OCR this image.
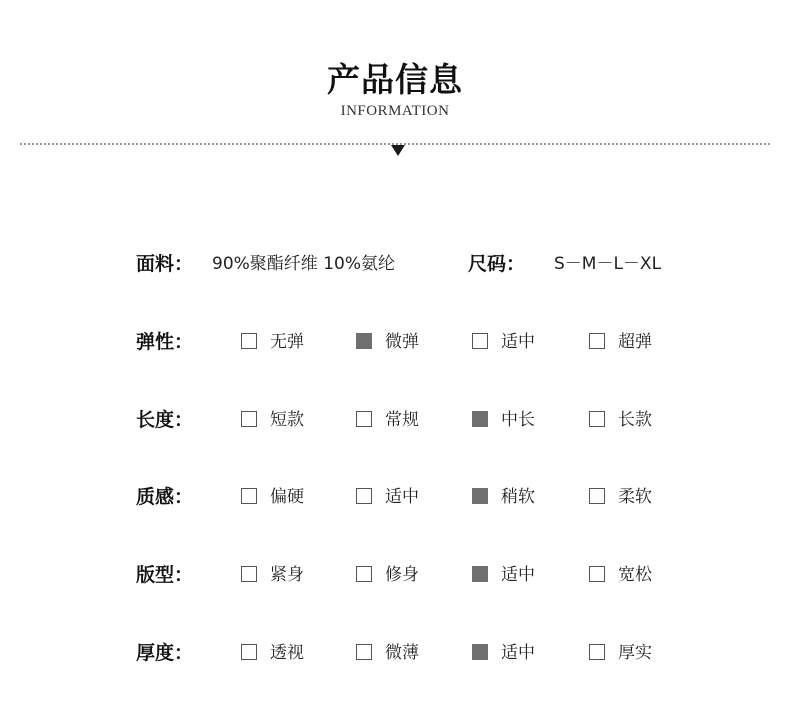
产品信息
INFORMATION
面料： 90%聚酯纤维 10%氨纶	尺码： S－M－L－XL
弹性：	无弹	微弹	适中	超弹
长度：	短款	常规	中长	长款
质感：	偏硬	适中	稍软	柔软
版型：	紧身	修身	适中	宽松
厚度：	透视	微薄	适中	厚实
